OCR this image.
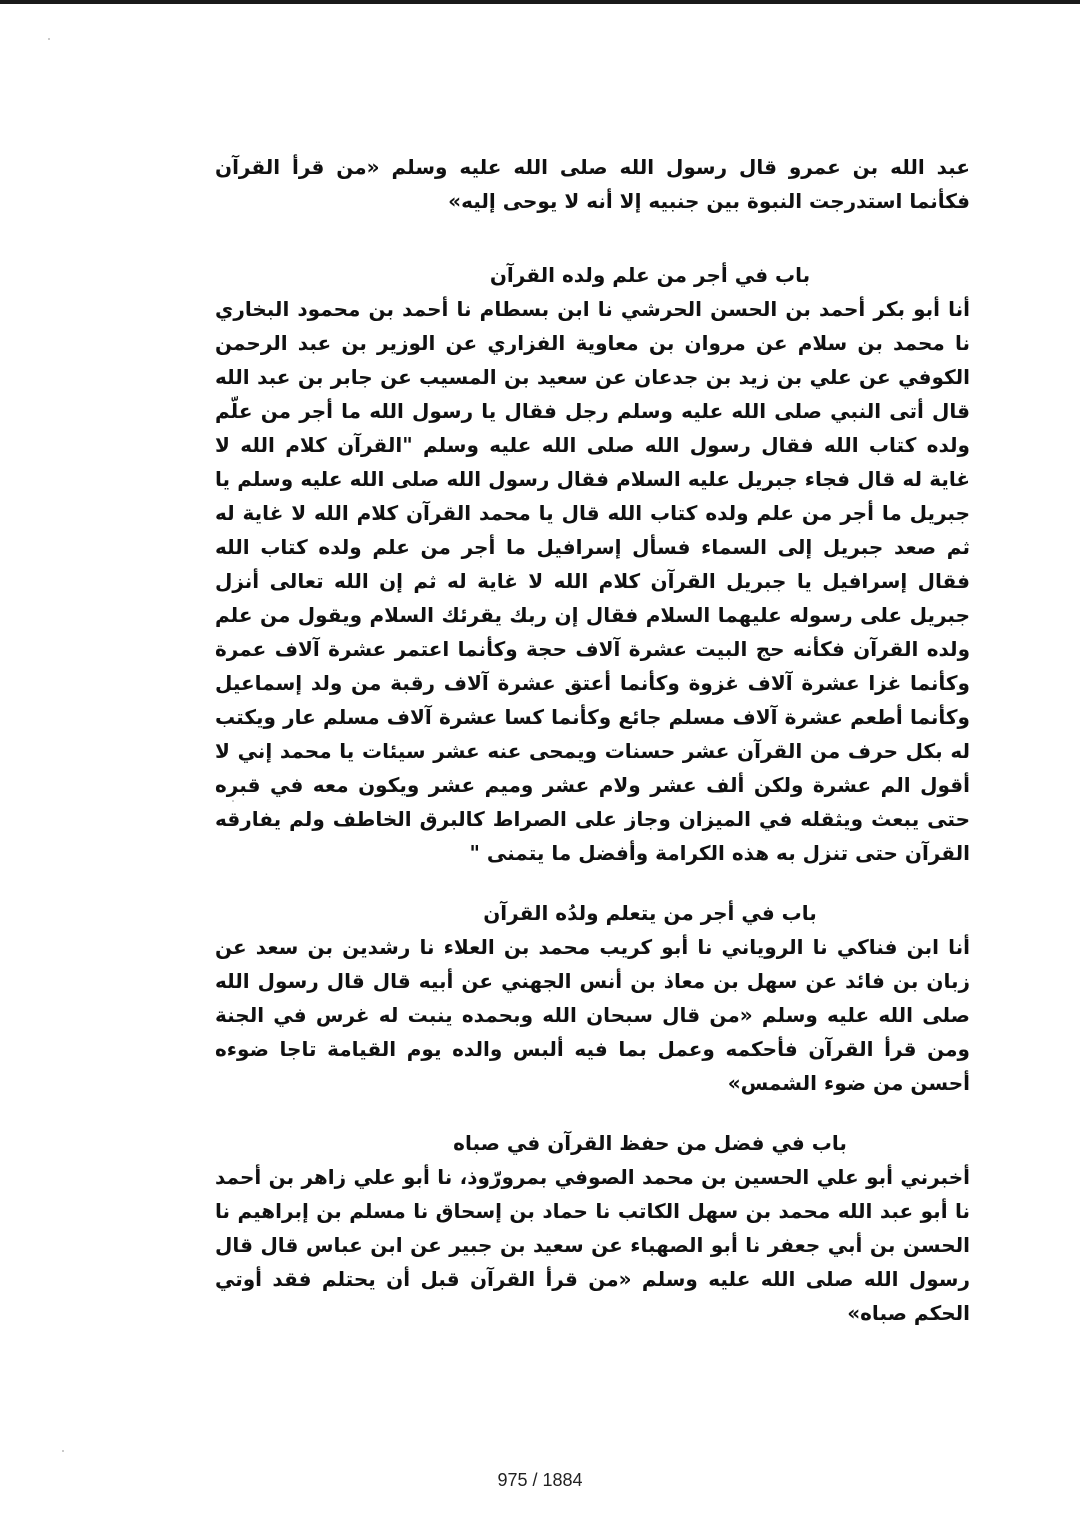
عبد الله بن عمرو قال رسول الله صلى الله عليه وسلم «من قرأ القرآن فكأنما استدرجت النبوة بين جنبيه إلا أنه لا يوحى إليه»

باب في أجر من علم ولده القرآن

أنا أبو بكر أحمد بن الحسن الحرشي نا ابن بسطام نا أحمد بن محمود البخاري نا محمد بن سلام عن مروان بن معاوية الفزاري عن الوزير بن عبد الرحمن الكوفي عن علي بن زيد بن جدعان عن سعيد بن المسيب عن جابر بن عبد الله قال أتى النبي صلى الله عليه وسلم رجل فقال يا رسول الله ما أجر من علّم ولده كتاب الله فقال رسول الله صلى الله عليه وسلم "القرآن كلام الله لا غاية له قال فجاء جبريل عليه السلام فقال رسول الله صلى الله عليه وسلم يا جبريل ما أجر من علم ولده كتاب الله قال يا محمد القرآن كلام الله لا غاية له ثم صعد جبريل إلى السماء فسأل إسرافيل ما أجر من علم ولده كتاب الله فقال إسرافيل يا جبريل القرآن كلام الله لا غاية له ثم إن الله تعالى أنزل جبريل على رسوله عليهما السلام فقال إن ربك يقرئك السلام ويقول من علم ولده القرآن فكأنه حج البيت عشرة آلاف حجة وكأنما اعتمر عشرة آلاف عمرة وكأنما غزا عشرة آلاف غزوة وكأنما أعتق عشرة آلاف رقبة من ولد إسماعيل وكأنما أطعم عشرة آلاف مسلم جائع وكأنما كسا عشرة آلاف مسلم عار ويكتب له بكل حرف من القرآن عشر حسنات ويمحى عنه عشر سيئات يا محمد إني لا أقول الم عشرة ولكن ألف عشر ولام عشر وميم عشر ويكون معه في قبره حتى يبعث ويثقله في الميزان وجاز على الصراط كالبرق الخاطف ولم يفارقه القرآن حتى تنزل به هذه الكرامة وأفضل ما يتمنى "

باب في أجر من يتعلم ولدُه القرآن

أنا ابن فناكي نا الروياني نا أبو كريب محمد بن العلاء نا رشدين بن سعد عن زبان بن فائد عن سهل بن معاذ بن أنس الجهني عن أبيه قال قال رسول الله صلى الله عليه وسلم «من قال سبحان الله وبحمده ينبت له غرس في الجنة ومن قرأ القرآن فأحكمه وعمل بما فيه ألبس والده يوم القيامة تاجا ضوءه أحسن من ضوء الشمس»

باب في فضل من حفظ القرآن في صباه

أخبرني أبو علي الحسين بن محمد الصوفي بمرورّوذ، نا أبو علي زاهر بن أحمد نا أبو عبد الله محمد بن سهل الكاتب نا حماد بن إسحاق نا مسلم بن إبراهيم نا الحسن بن أبي جعفر نا أبو الصهباء عن سعيد بن جبير عن ابن عباس قال قال رسول الله صلى الله عليه وسلم «من قرأ القرآن قبل أن يحتلم فقد أوتي الحكم صباه»

975 / 1884
